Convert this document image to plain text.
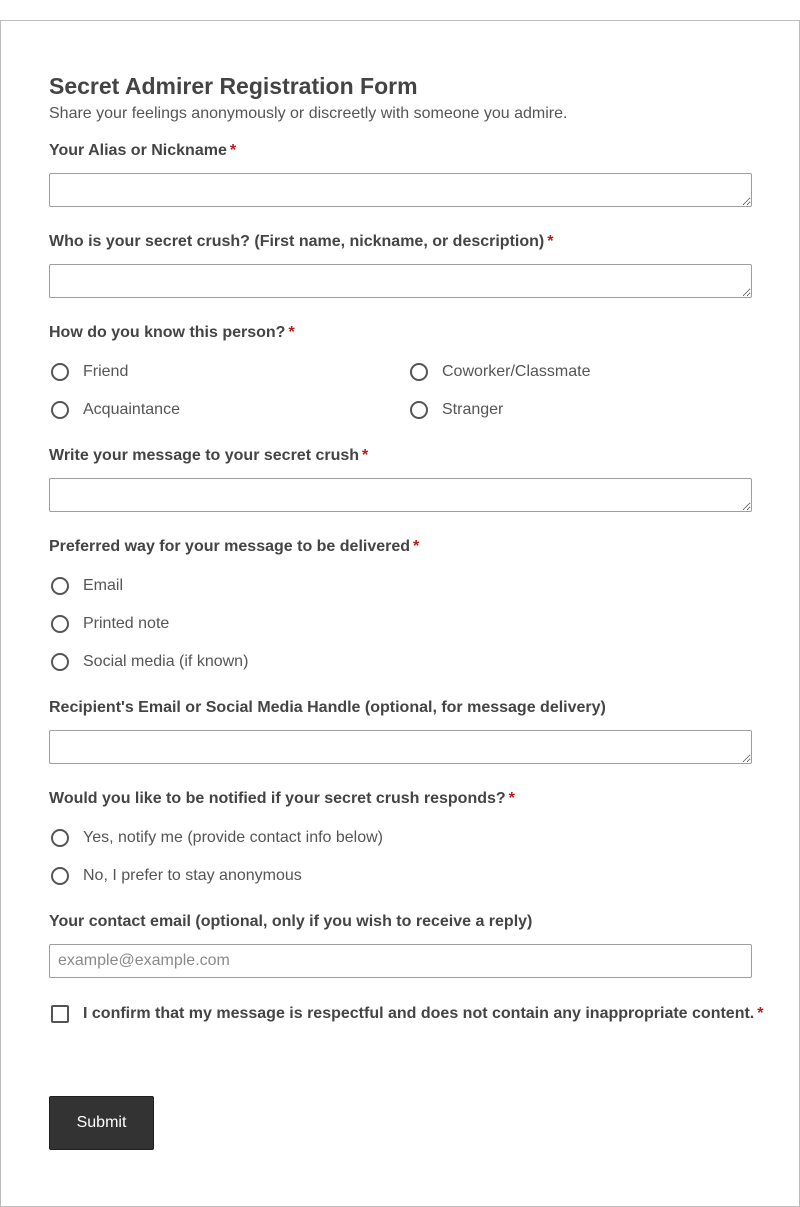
Secret Admirer Registration Form

Share your feelings anonymously or discreetly with someone you admire.

Your Alias or Nickname *
Who is your secret crush? (First name, nickname, or description) *
How do you know this person? *
Friend	Coworker/Classmate
Acquaintance	Stranger
Write your message to your secret crush *
Preferred way for your message to be delivered *
Email
Printed note
Social media (if known)
Recipient's Email or Social Media Handle (optional, for message delivery)
Would you like to be notified if your secret crush responds? *
Yes, notify me (provide contact info below)
No, I prefer to stay anonymous
Your contact email (optional, only if you wish to receive a reply)
example@example.com
I confirm that my message is respectful and does not contain any inappropriate content. *
Submit
